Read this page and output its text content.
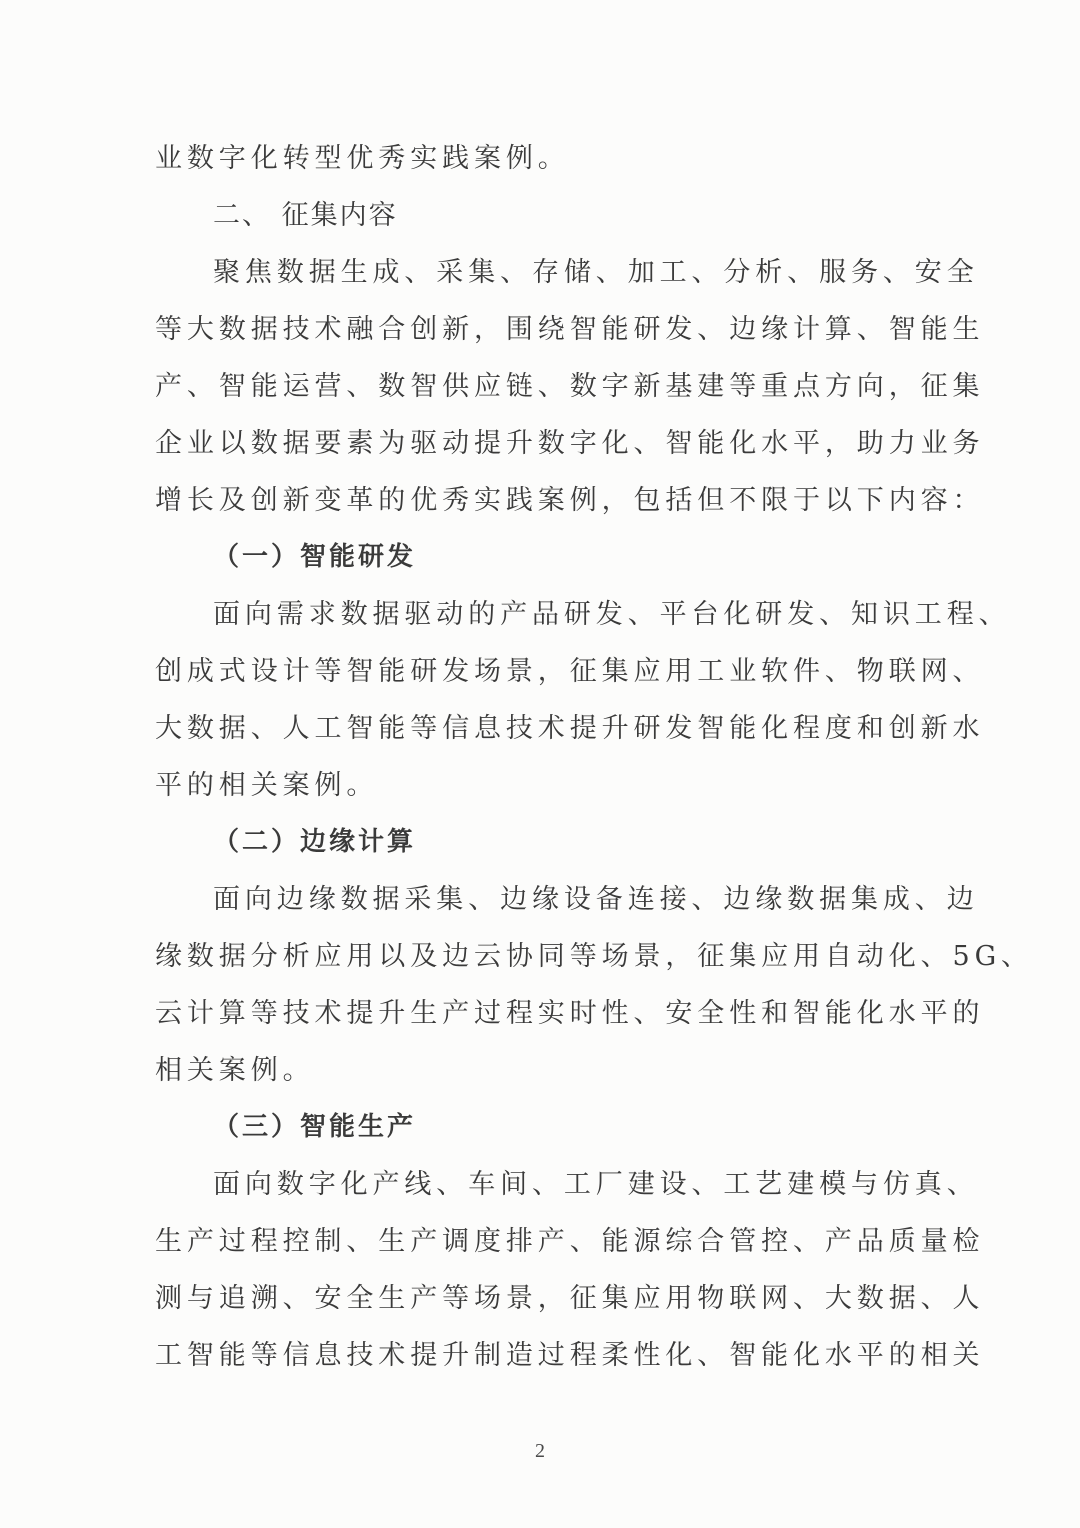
业数字化转型优秀实践案例。
二、 征集内容
聚焦数据生成、采集、存储、加工、分析、服务、安全
等大数据技术融合创新，围绕智能研发、边缘计算、智能生
产、智能运营、数智供应链、数字新基建等重点方向，征集
企业以数据要素为驱动提升数字化、智能化水平，助力业务
增长及创新变革的优秀实践案例，包括但不限于以下内容：
（一）智能研发
面向需求数据驱动的产品研发、平台化研发、知识工程、
创成式设计等智能研发场景，征集应用工业软件、物联网、
大数据、人工智能等信息技术提升研发智能化程度和创新水
平的相关案例。
（二）边缘计算
面向边缘数据采集、边缘设备连接、边缘数据集成、边
缘数据分析应用以及边云协同等场景，征集应用自动化、5G、
云计算等技术提升生产过程实时性、安全性和智能化水平的
相关案例。
（三）智能生产
面向数字化产线、车间、工厂建设、工艺建模与仿真、
生产过程控制、生产调度排产、能源综合管控、产品质量检
测与追溯、安全生产等场景，征集应用物联网、大数据、人
工智能等信息技术提升制造过程柔性化、智能化水平的相关
2
